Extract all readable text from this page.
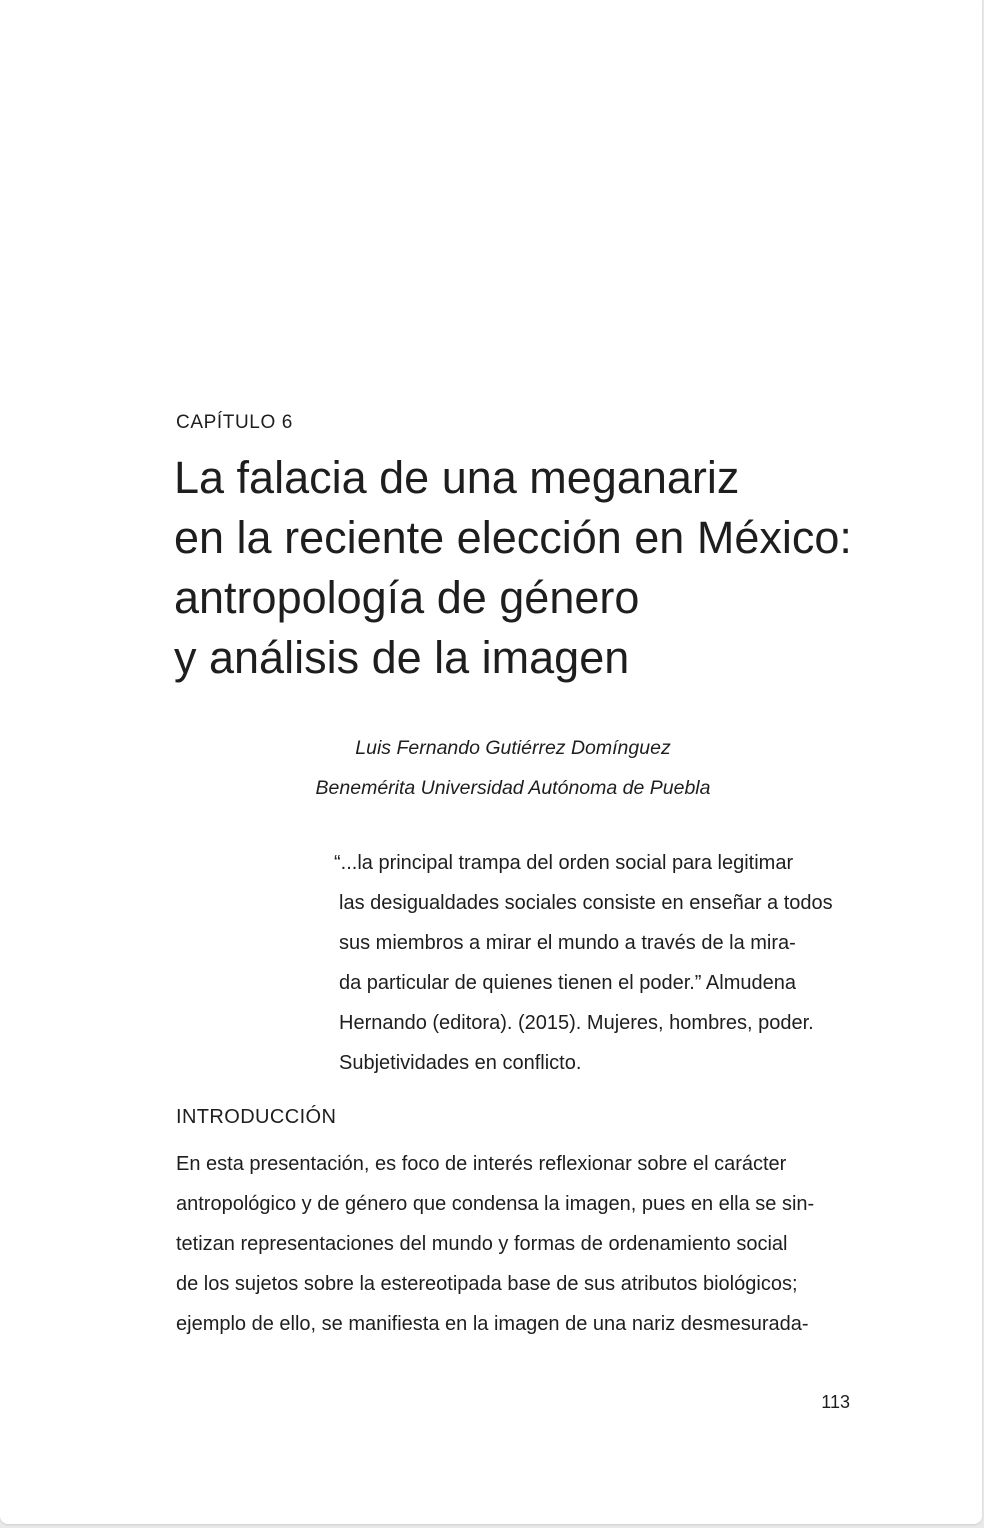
CAPÍTULO 6
La falacia de una meganariz
en la reciente elección en México:
antropología de género
y análisis de la imagen
Luis Fernando Gutiérrez Domínguez
Benemérita Universidad Autónoma de Puebla
“...la principal trampa del orden social para legitimar
las desigualdades sociales consiste en enseñar a todos
sus miembros a mirar el mundo a través de la mira-
da particular de quienes tienen el poder.” Almudena
Hernando (editora). (2015). Mujeres, hombres, poder.
Subjetividades en conflicto.
INTRODUCCIÓN
En esta presentación, es foco de interés reflexionar sobre el carácter
antropológico y de género que condensa la imagen, pues en ella se sin-
tetizan representaciones del mundo y formas de ordenamiento social
de los sujetos sobre la estereotipada base de sus atributos biológicos;
ejemplo de ello, se manifiesta en la imagen de una nariz desmesurada-
113
